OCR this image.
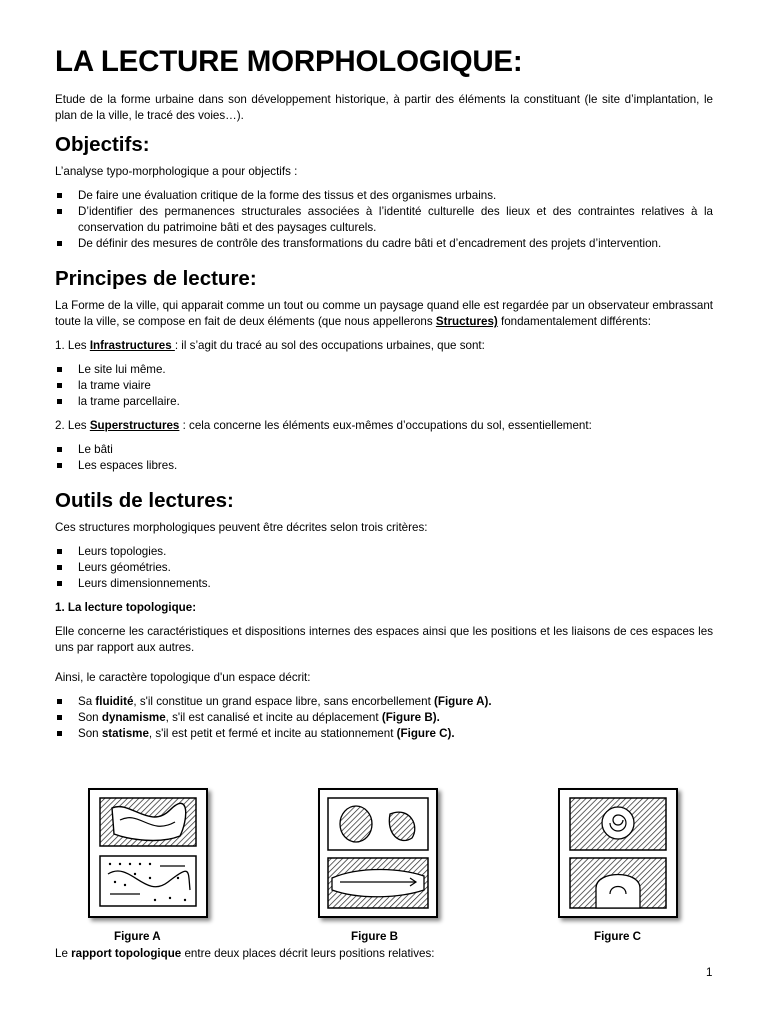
LA LECTURE MORPHOLOGIQUE:

Etude de la forme urbaine dans son développement historique, à partir des éléments la constituant (le site d’implantation, le plan de la ville, le tracé des voies…).

Objectifs:

L’analyse typo-morphologique a pour objectifs :

De faire une évaluation critique de la forme des tissus et des organismes urbains.
D’identifier des permanences structurales associées à l’identité culturelle des lieux et des contraintes relatives à la conservation du patrimoine bâti et des paysages culturels.
De définir des mesures de contrôle des transformations du cadre bâti et d’encadrement des projets d’intervention.
Principes de lecture:

La Forme de la ville, qui apparait comme un tout ou comme un paysage quand elle est regardée par un observateur embrassant toute la ville, se compose en fait de deux éléments (que nous appellerons Structures) fondamentalement différents:

1. Les Infrastructures : il s’agit du tracé au sol des occupations urbaines, que sont:

Le site lui même.
la trame viaire
la trame parcellaire.

2. Les Superstructures : cela concerne les éléments eux-mêmes d’occupations du sol, essentiellement:

Le bâti
Les espaces libres.
Outils de lectures:

Ces structures morphologiques peuvent être décrites selon trois critères:

Leurs topologies.
Leurs géométries.
Leurs dimensionnements.

1. La lecture topologique:

Elle concerne les caractéristiques et dispositions internes des espaces ainsi que les positions et les liaisons de ces espaces les uns par rapport aux autres.

Ainsi, le caractère topologique d'un espace décrit:

Sa fluidité, s'il constitue un grand espace libre, sans encorbellement (Figure A).
Son dynamisme, s'il est canalisé et incite au déplacement (Figure B).
Son statisme, s'il est petit et fermé et incite au stationnement (Figure C).
Figure A	Figure B	Figure C
Le rapport topologique entre deux places décrit leurs positions relatives:
1
